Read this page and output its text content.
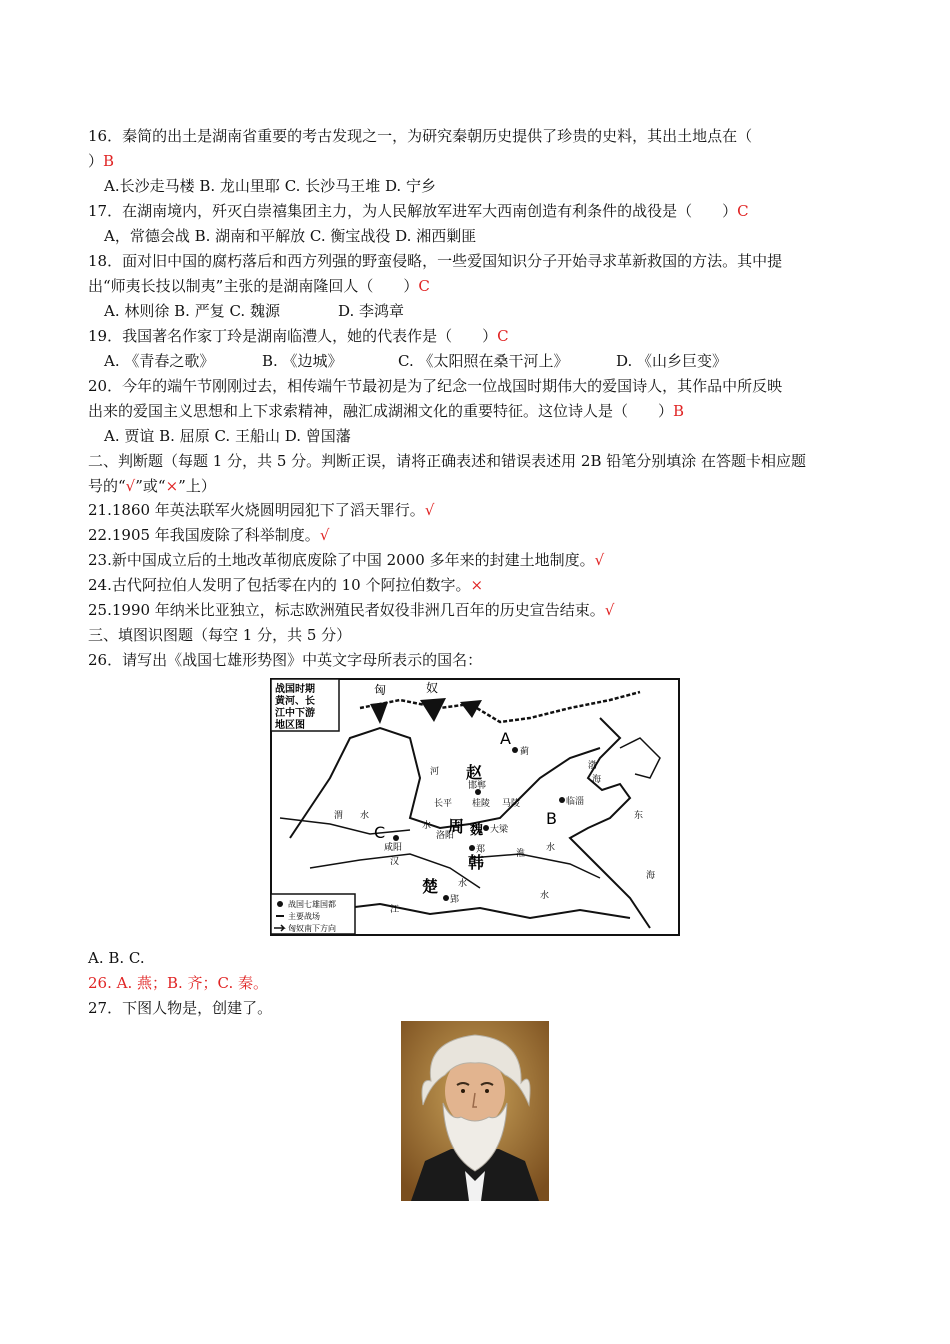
16．秦简的出土是湖南省重要的考古发现之一，为研究秦朝历史提供了珍贵的史料，其出土地点在（
）B
A.长沙走马楼 B. 龙山里耶 C. 长沙马王堆 D. 宁乡
17．在湖南境内，歼灭白崇禧集团主力，为人民解放军进军大西南创造有利条件的战役是（　　）C
A，常德会战 B. 湖南和平解放 C. 衡宝战役 D. 湘西剿匪
18．面对旧中国的腐朽落后和西方列强的野蛮侵略，一些爱国知识分子开始寻求革新救国的方法。其中提
出“师夷长技以制夷”主张的是湖南隆回人（　　）C
A. 林则徐 B. 严复 C. 魏源	D. 李鸿章
19．我国著名作家丁玲是湖南临澧人，她的代表作是（　　）C
A. 《青春之歌》	B. 《边城》	C. 《太阳照在桑干河上》	D. 《山乡巨变》
20．今年的端午节刚刚过去，相传端午节最初是为了纪念一位战国时期伟大的爱国诗人，其作品中所反映
出来的爱国主义思想和上下求索精神，融汇成湖湘文化的重要特征。这位诗人是（　　）B
A. 贾谊 B. 屈原 C. 王船山 D. 曾国藩
二、判断题（每题 1 分，共 5 分。判断正误，请将正确表述和错误表述用 2B 铅笔分别填涂 在答题卡相应题
号的“√”或“×”上）
21.1860 年英法联军火烧圆明园犯下了滔天罪行。√
22.1905 年我国废除了科举制度。√
23.新中国成立后的土地改革彻底废除了中国 2000 多年来的封建土地制度。√
24.古代阿拉伯人发明了包括零在内的 10 个阿拉伯数字。×
25.1990 年纳米比亚独立，标志欧洲殖民者奴役非洲几百年的历史宣告结束。√
三、填图识图题（每空 1 分，共 5 分）
26．请写出《战国七雄形势图》中英文字母所表示的国名：
战国时期
黄河、长
江中下游
地区图
匈	奴
A
B
C
赵
周
韩
楚
魏
蓟
邯郸
长平 桂陵 马陵	临淄
大梁
郑
洛阳
咸阳
郢
河
渭 水
水
水
水
水
汉
江
淮
东
海
海
渤
战国七雄国都
主要战场
匈奴南下方向
A. B. C.
26. A. 燕；B. 齐；C. 秦。
27．下图人物是，创建了。
